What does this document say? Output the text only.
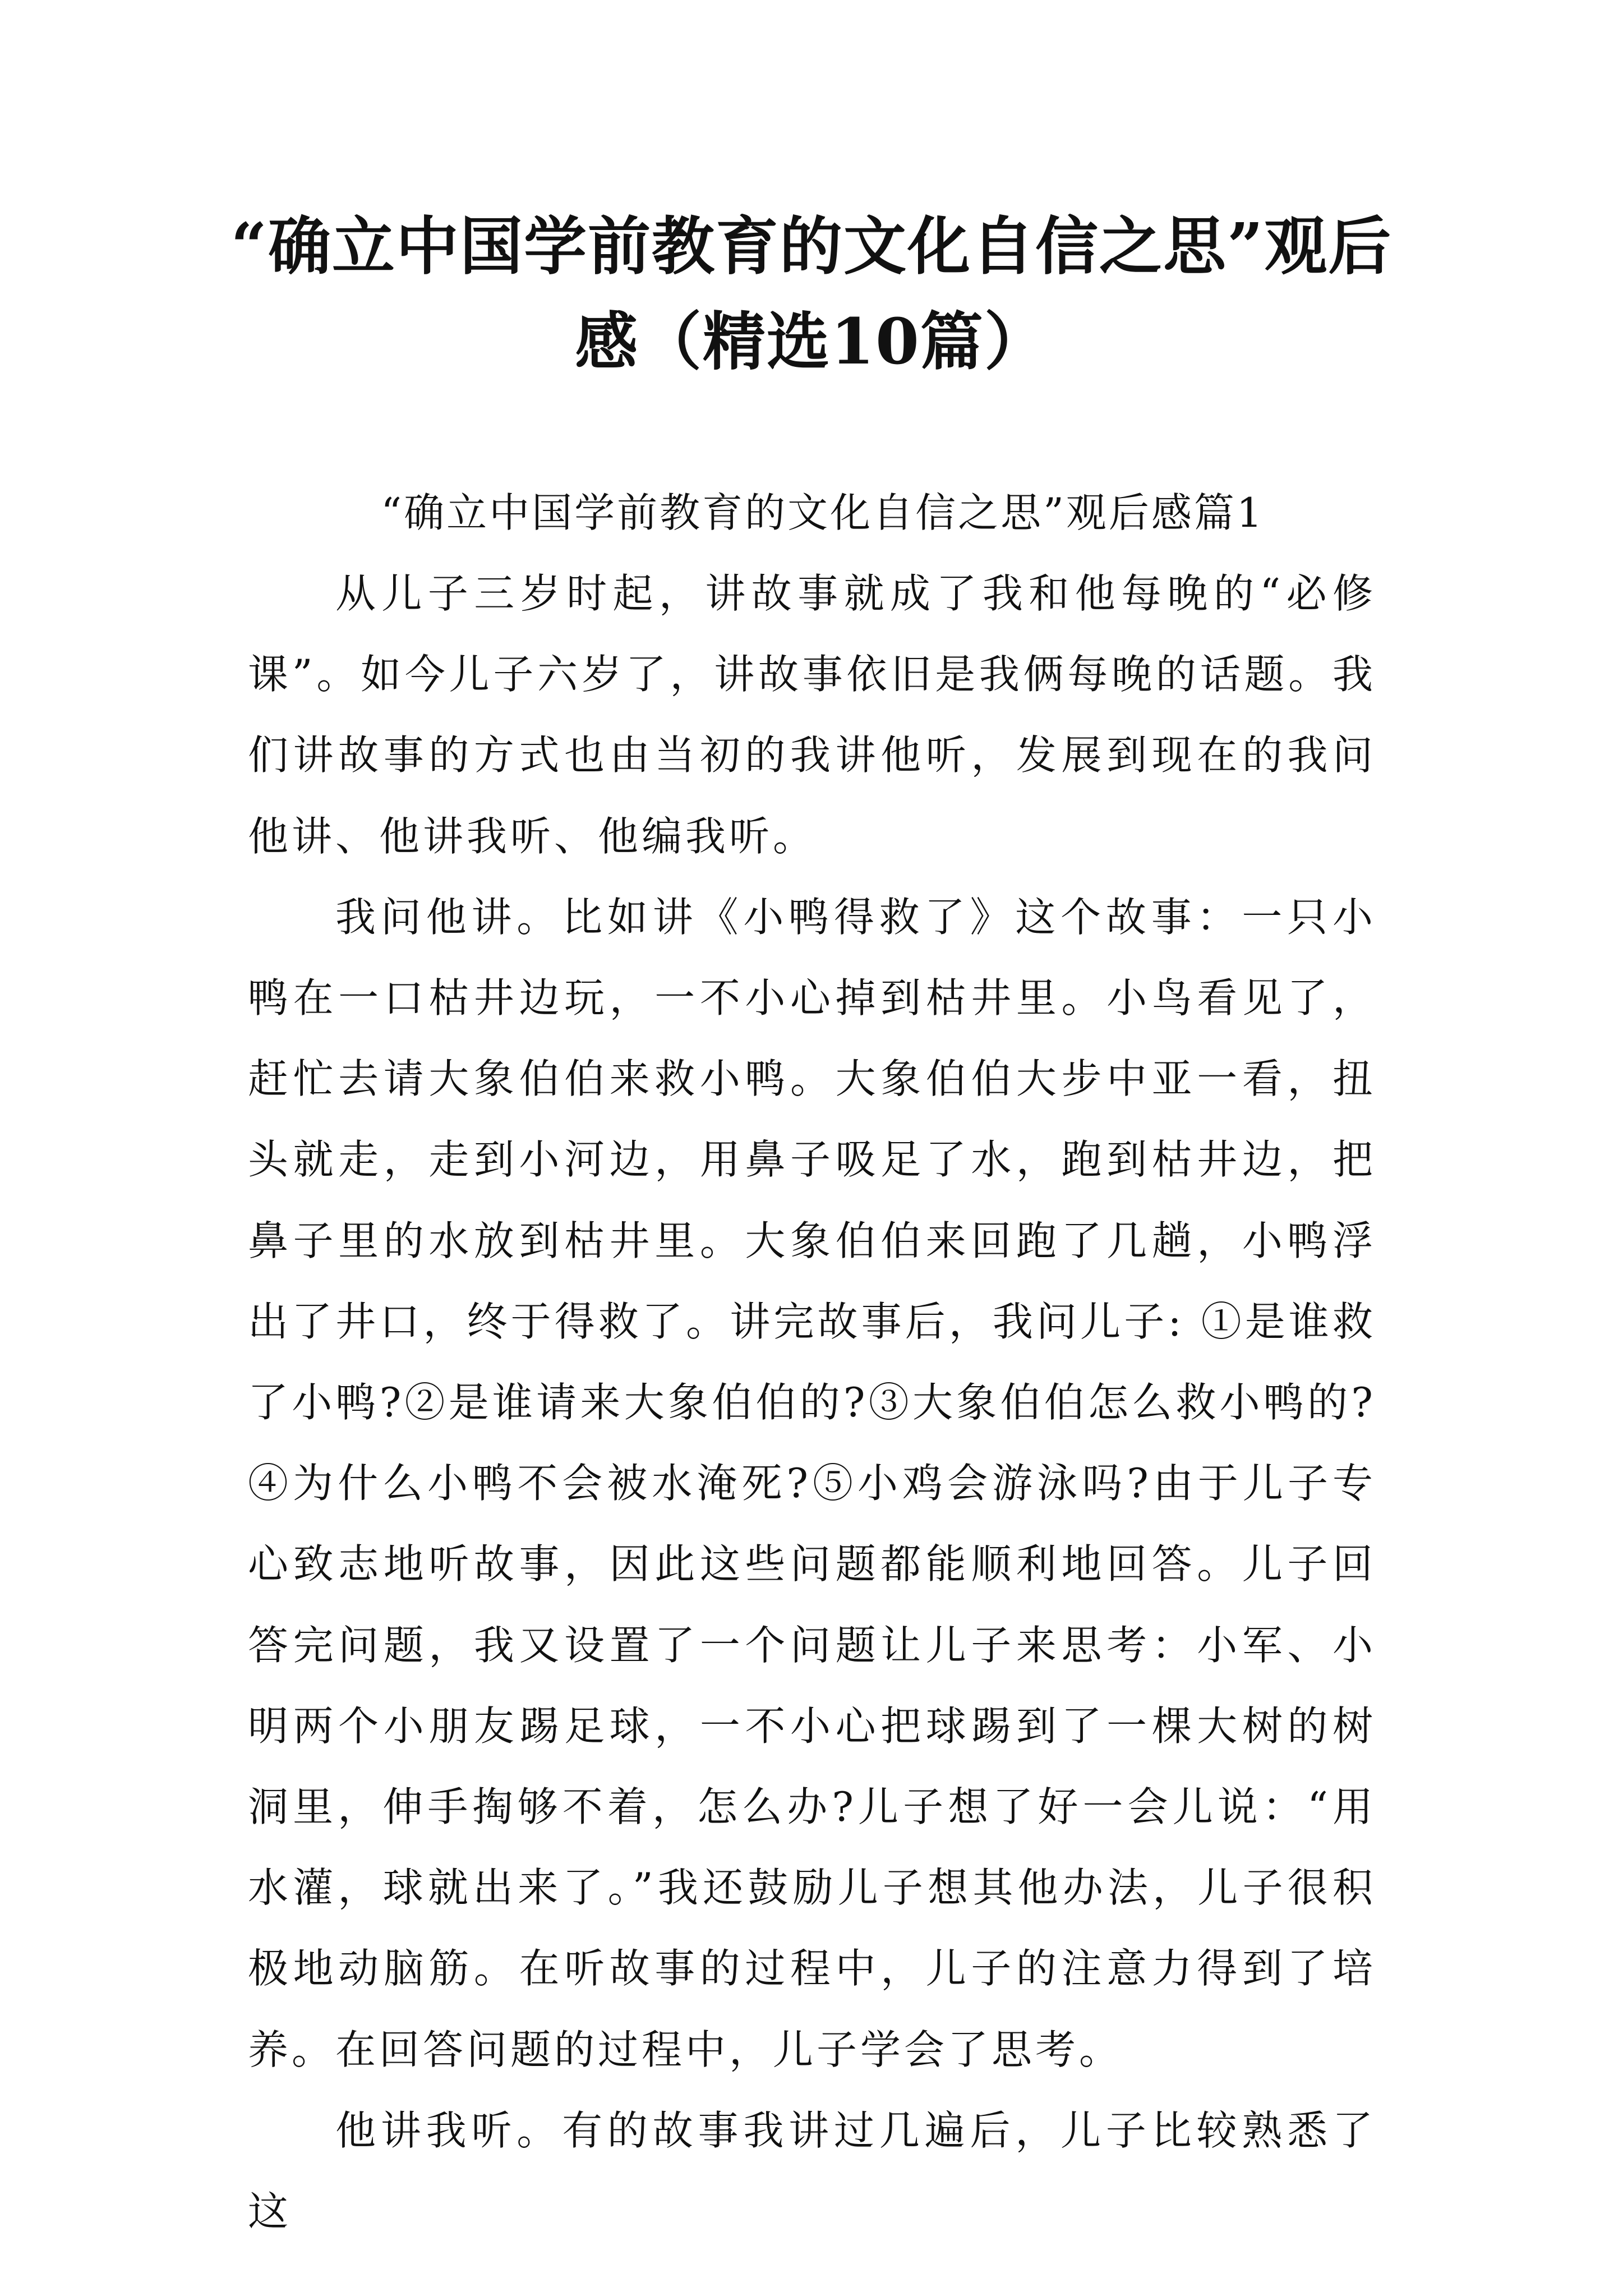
“确立中国学前教育的文化自信之思”观后感（精选10篇）
“确立中国学前教育的文化自信之思”观后感篇1

从儿子三岁时起，讲故事就成了我和他每晚的“必修课”。如今儿子六岁了，讲故事依旧是我俩每晚的话题。我们讲故事的方式也由当初的我讲他听，发展到现在的我问他讲、他讲我听、他编我听。

我问他讲。比如讲《小鸭得救了》这个故事：一只小鸭在一口枯井边玩，一不小心掉到枯井里。小鸟看见了，赶忙去请大象伯伯来救小鸭。大象伯伯大步中亚一看，扭头就走，走到小河边，用鼻子吸足了水，跑到枯井边，把鼻子里的水放到枯井里。大象伯伯来回跑了几趟，小鸭浮出了井口，终于得救了。讲完故事后，我问儿子: ①是谁救了小鸭?②是谁请来大象伯伯的?③大象伯伯怎么救小鸭的?④为什么小鸭不会被水淹死?⑤小鸡会游泳吗?由于儿子专心致志地听故事，因此这些问题都能顺利地回答。儿子回答完问题，我又设置了一个问题让儿子来思考：小军、小明两个小朋友踢足球，一不小心把球踢到了一棵大树的树洞里，伸手掏够不着，怎么办?儿子想了好一会儿说：“用水灌，球就出来了。”我还鼓励儿子想其他办法，儿子很积极地动脑筋。在听故事的过程中，儿子的注意力得到了培养。在回答问题的过程中，儿子学会了思考。

他讲我听。有的故事我讲过几遍后，儿子比较熟悉了这
